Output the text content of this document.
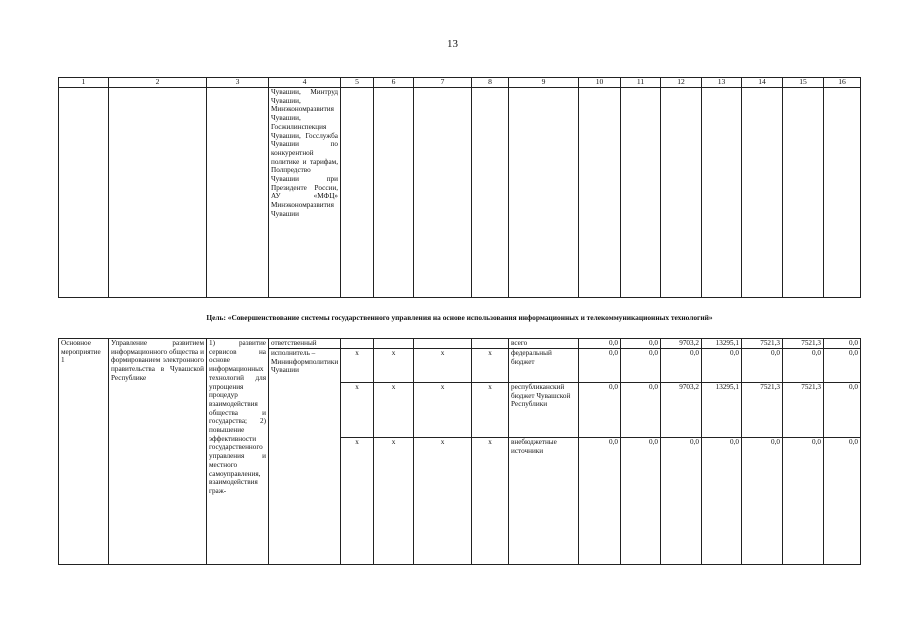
13
1	2	3	4	5	6	7	8	9	10	11	12	13	14	15	16
			Чувашии, Минтруд Чувашии, Минэкономразвития Чувашии, Госжилинспекция Чувашии, Госслужба Чувашии по конкурентной политике и тарифам, Полпредство Чувашии при Президенте России, АУ «МФЦ» Минэкономразвития Чувашии												
Цель: «Совершенствование системы государственного управления на основе использования информационных и телекоммуникационных технологий»															
Основное мероприятие 1	Управление развитием информационного общества и формированием электронного правительства в Чувашской Республике	1) развитие сервисов на основе информационных технологий для упрощения процедур взаимодействия общества и государства; 2) повышение эффективности государственного управления и местного самоуправления, взаимодействия граж-	ответственный					всего	0,0	0,0	9703,2	13295,1	7521,3	7521,3	0,0
			исполнитель – Мининформполитики Чувашии	x	x	x	x	федеральный бюджет	0,0	0,0	0,0	0,0	0,0	0,0	0,0
				x	x	x	x	республиканский бюджет Чувашской Республики	0,0	0,0	9703,2	13295,1	7521,3	7521,3	0,0
				x	x	x	x	внебюджетные источники	0,0	0,0	0,0	0,0	0,0	0,0	0,0
